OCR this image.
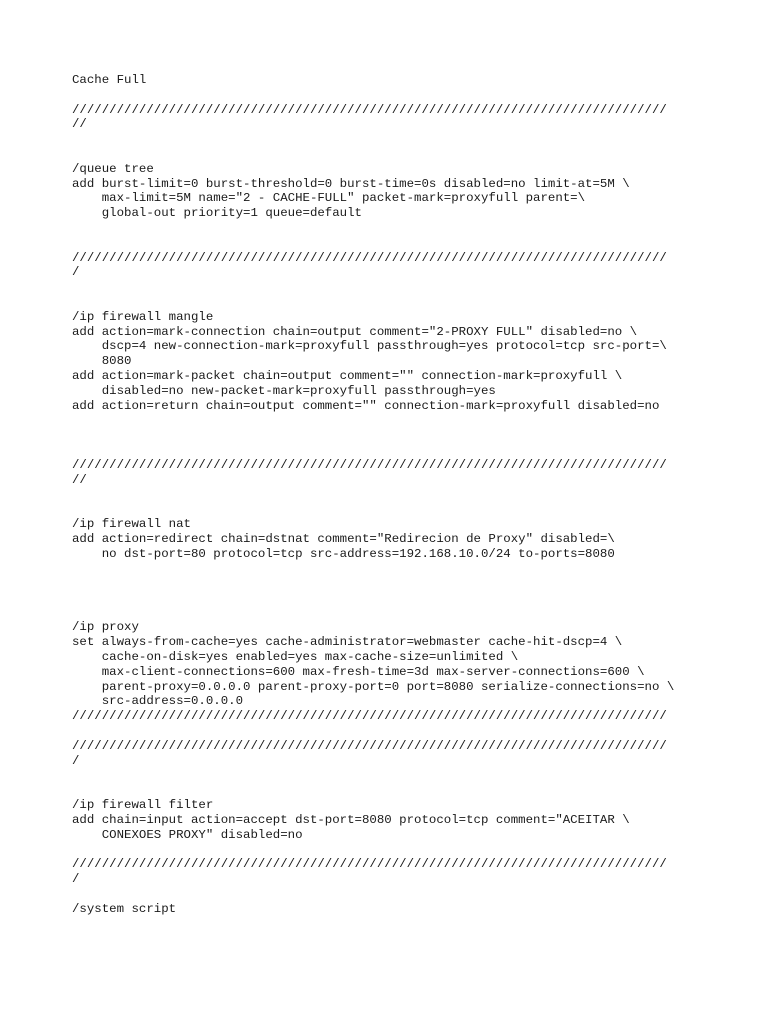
Cache Full
////////////////////////////////////////////////////////////////////////////////
//
/queue tree
add burst-limit=0 burst-threshold=0 burst-time=0s disabled=no limit-at=5M \
max-limit=5M name="2 - CACHE-FULL" packet-mark=proxyfull parent=\
global-out priority=1 queue=default
////////////////////////////////////////////////////////////////////////////////
/
/ip firewall mangle
add action=mark-connection chain=output comment="2-PROXY FULL" disabled=no \
dscp=4 new-connection-mark=proxyfull passthrough=yes protocol=tcp src-port=\
8080
add action=mark-packet chain=output comment="" connection-mark=proxyfull \
disabled=no new-packet-mark=proxyfull passthrough=yes
add action=return chain=output comment="" connection-mark=proxyfull disabled=no
////////////////////////////////////////////////////////////////////////////////
//
/ip firewall nat
add action=redirect chain=dstnat comment="Redirecion de Proxy" disabled=\
no dst-port=80 protocol=tcp src-address=192.168.10.0/24 to-ports=8080
/ip proxy
set always-from-cache=yes cache-administrator=webmaster cache-hit-dscp=4 \
cache-on-disk=yes enabled=yes max-cache-size=unlimited \
max-client-connections=600 max-fresh-time=3d max-server-connections=600 \
parent-proxy=0.0.0.0 parent-proxy-port=0 port=8080 serialize-connections=no \
src-address=0.0.0.0
////////////////////////////////////////////////////////////////////////////////
////////////////////////////////////////////////////////////////////////////////
/
/ip firewall filter
add chain=input action=accept dst-port=8080 protocol=tcp comment="ACEITAR \
CONEXOES PROXY" disabled=no
////////////////////////////////////////////////////////////////////////////////
/
/system script
